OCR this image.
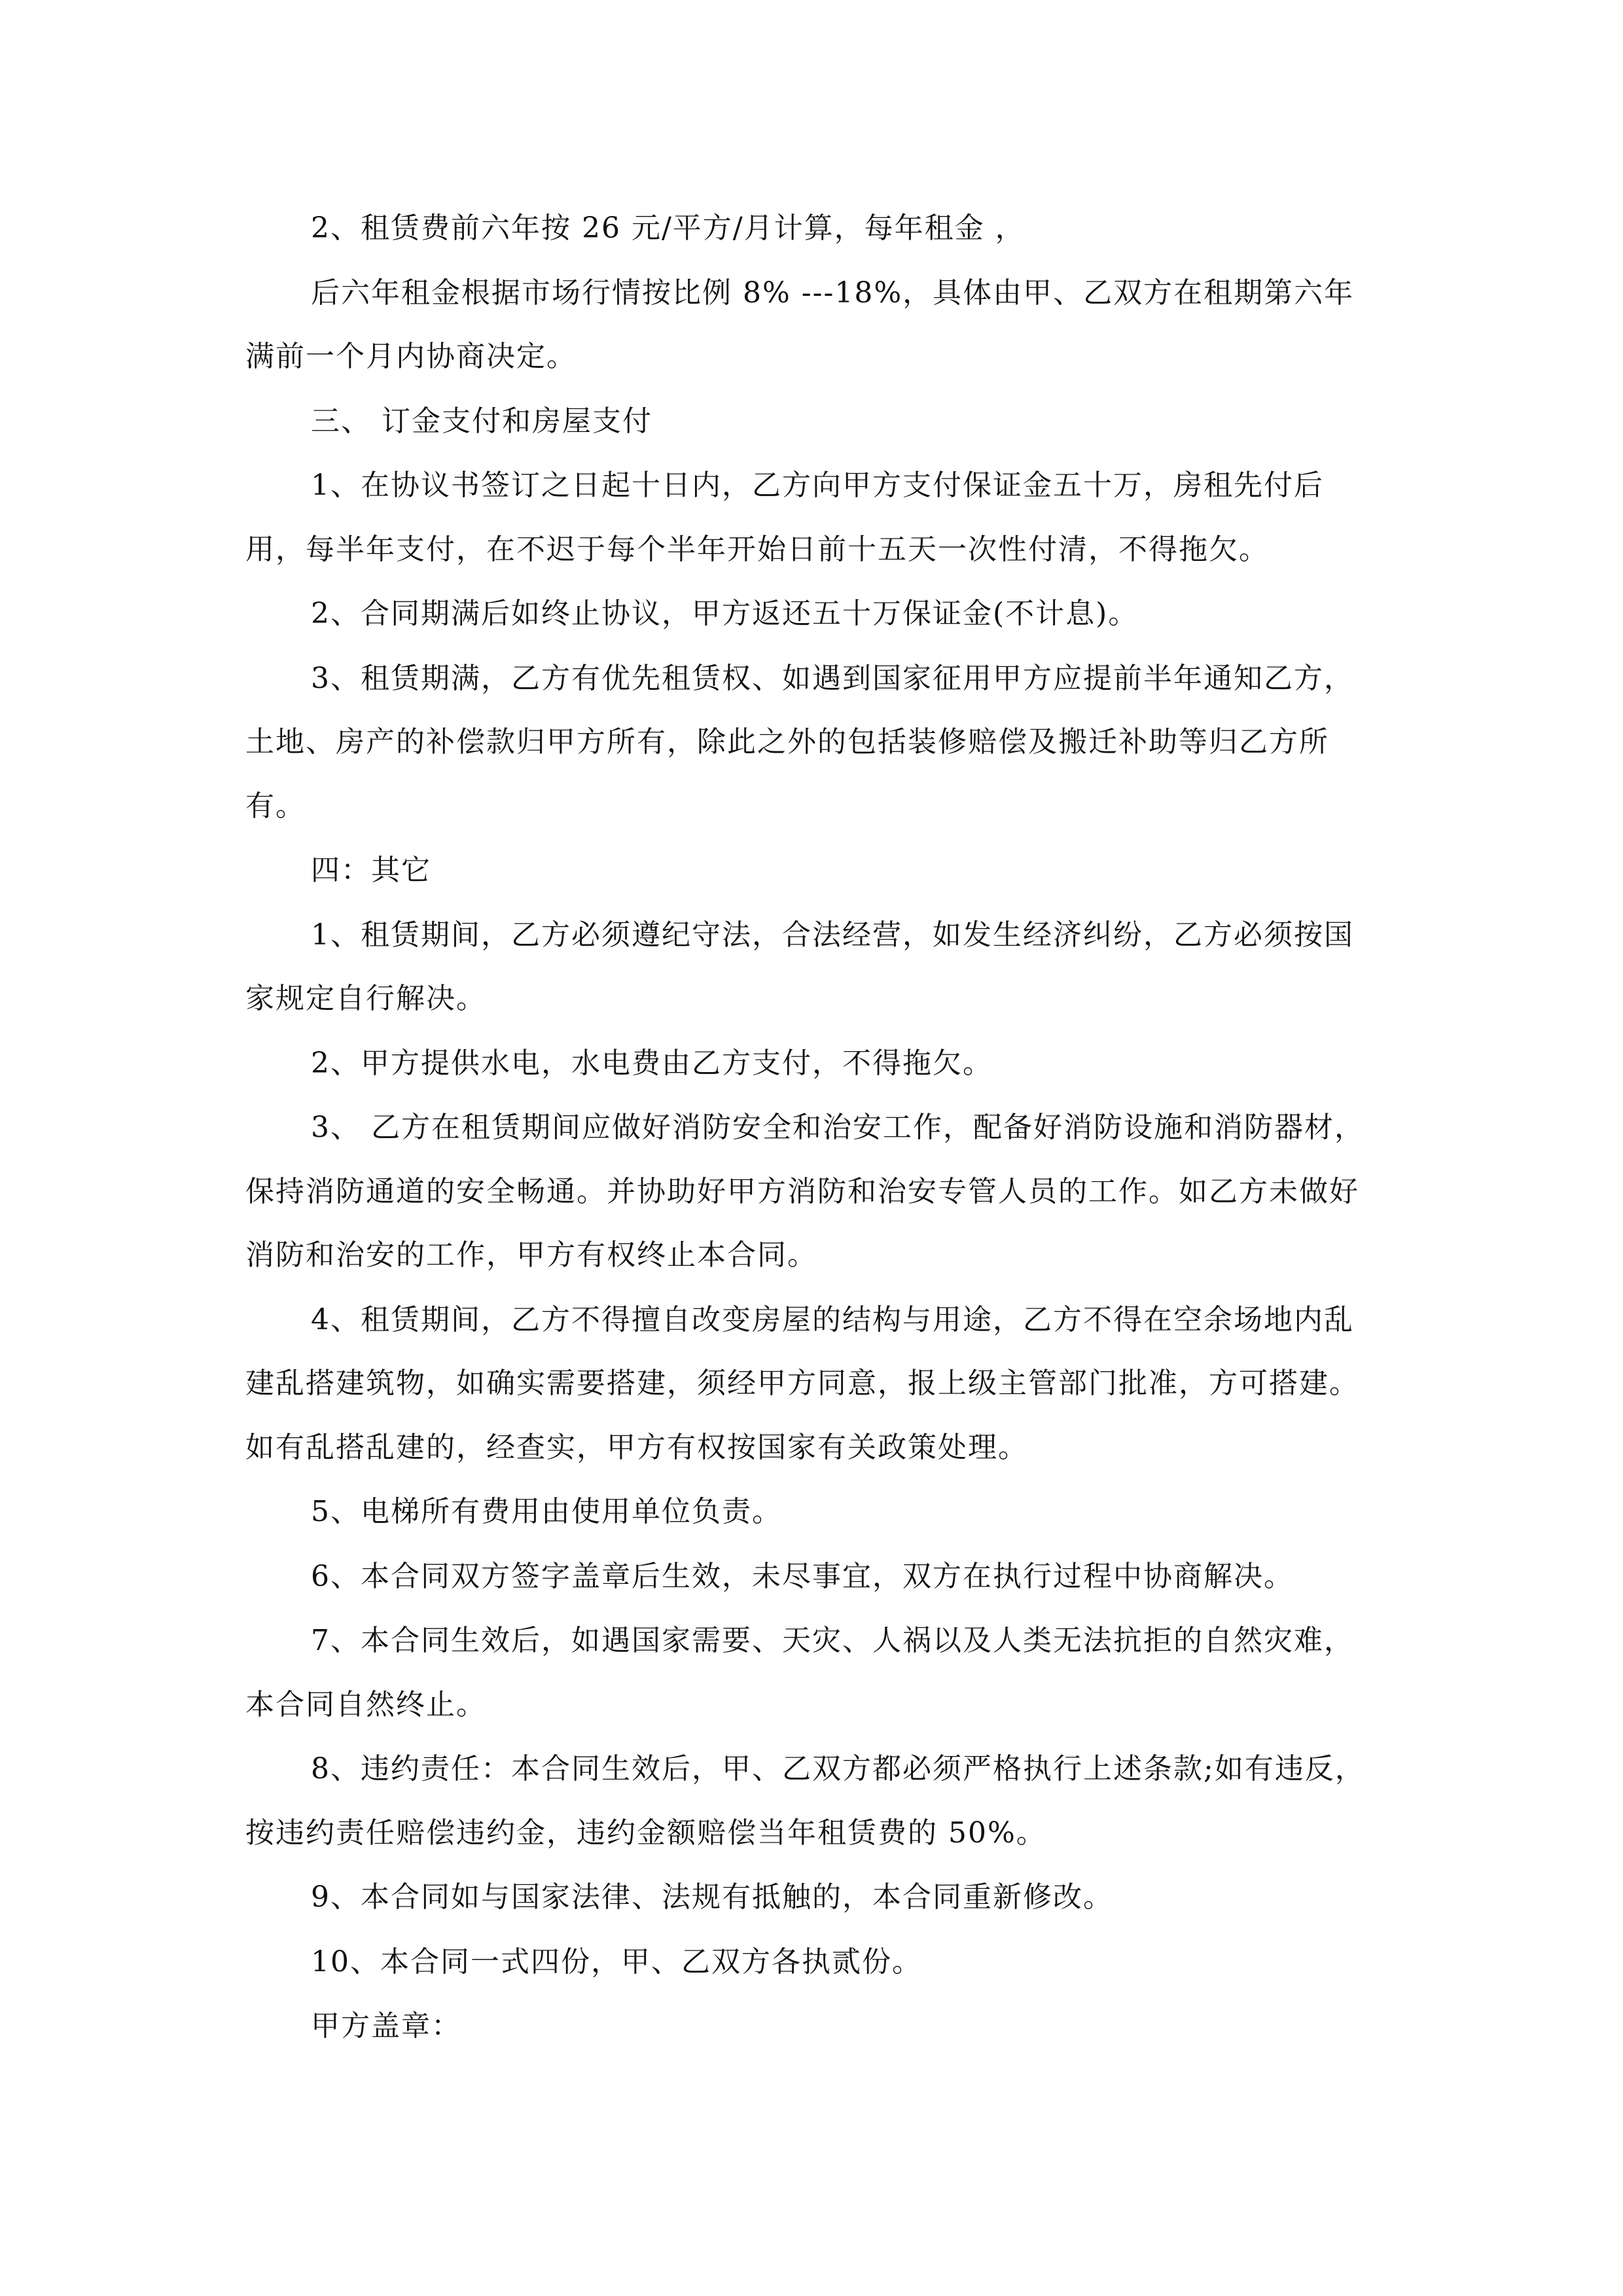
2、租赁费前六年按 26 元/平方/月计算，每年租金 ，

后六年租金根据市场行情按比例 8% ---18%，具体由甲、乙双方在租期第六年满前一个月内协商决定。

三、 订金支付和房屋支付

1、在协议书签订之日起十日内，乙方向甲方支付保证金五十万，房租先付后用，每半年支付，在不迟于每个半年开始日前十五天一次性付清，不得拖欠。

2、合同期满后如终止协议，甲方返还五十万保证金(不计息)。

3、租赁期满，乙方有优先租赁权、如遇到国家征用甲方应提前半年通知乙方，土地、房产的补偿款归甲方所有，除此之外的包括装修赔偿及搬迁补助等归乙方所有。

四：其它

1、租赁期间，乙方必须遵纪守法，合法经营，如发生经济纠纷，乙方必须按国家规定自行解决。

2、甲方提供水电，水电费由乙方支付，不得拖欠。

3、 乙方在租赁期间应做好消防安全和治安工作，配备好消防设施和消防器材，保持消防通道的安全畅通。并协助好甲方消防和治安专管人员的工作。如乙方未做好消防和治安的工作，甲方有权终止本合同。

4、租赁期间，乙方不得擅自改变房屋的结构与用途，乙方不得在空余场地内乱建乱搭建筑物，如确实需要搭建，须经甲方同意，报上级主管部门批准，方可搭建。如有乱搭乱建的，经查实，甲方有权按国家有关政策处理。

5、电梯所有费用由使用单位负责。

6、本合同双方签字盖章后生效，未尽事宜，双方在执行过程中协商解决。

7、本合同生效后，如遇国家需要、天灾、人祸以及人类无法抗拒的自然灾难，本合同自然终止。

8、违约责任：本合同生效后，甲、乙双方都必须严格执行上述条款;如有违反，按违约责任赔偿违约金，违约金额赔偿当年租赁费的 50%。

9、本合同如与国家法律、法规有抵触的，本合同重新修改。

10、本合同一式四份，甲、乙双方各执贰份。

甲方盖章：
